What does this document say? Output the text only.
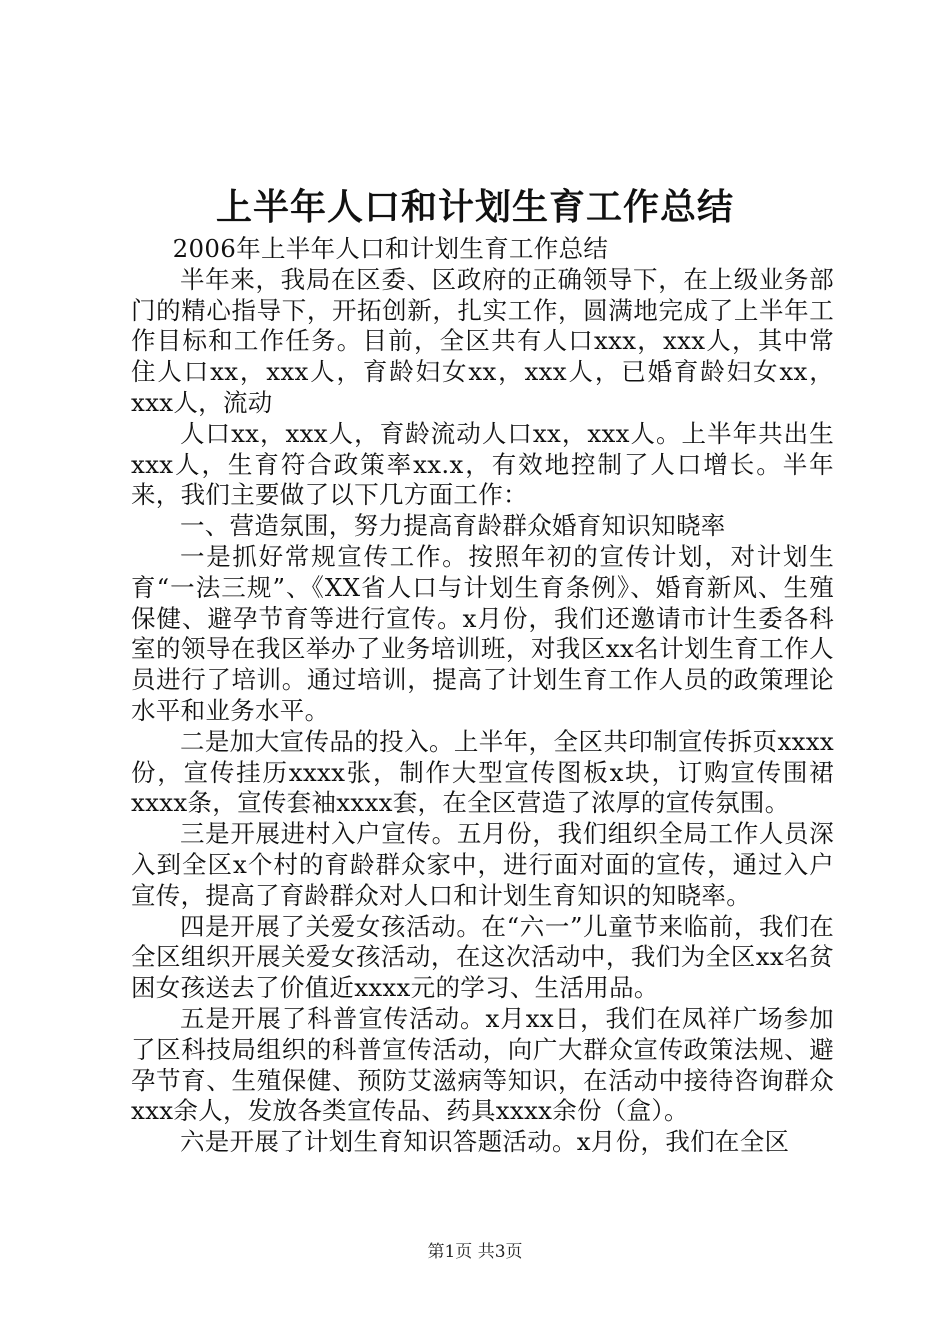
上半年人口和计划生育工作总结

2006年上半年人口和计划生育工作总结

半年来，我局在区委、区政府的正确领导下，在上级业务部门的精心指导下，开拓创新，扎实工作，圆满地完成了上半年工作目标和工作任务。目前，全区共有人口xxx，xxx人，其中常住人口xx，xxx人，育龄妇女xx，xxx人，已婚育龄妇女xx，xxx人，流动

人口xx，xxx人，育龄流动人口xx，xxx人。上半年共出生xxx人，生育符合政策率xx.x，有效地控制了人口增长。半年来，我们主要做了以下几方面工作：

一、营造氛围，努力提高育龄群众婚育知识知晓率

一是抓好常规宣传工作。按照年初的宣传计划，对计划生育“一法三规”、《XX省人口与计划生育条例》、婚育新风、生殖保健、避孕节育等进行宣传。x月份，我们还邀请市计生委各科室的领导在我区举办了业务培训班，对我区xx名计划生育工作人员进行了培训。通过培训，提高了计划生育工作人员的政策理论水平和业务水平。

二是加大宣传品的投入。上半年，全区共印制宣传拆页xxxx份，宣传挂历xxxx张，制作大型宣传图板x块，订购宣传围裙xxxx条，宣传套袖xxxx套，在全区营造了浓厚的宣传氛围。

三是开展进村入户宣传。五月份，我们组织全局工作人员深入到全区x个村的育龄群众家中，进行面对面的宣传，通过入户宣传，提高了育龄群众对人口和计划生育知识的知晓率。

四是开展了关爱女孩活动。在“六一”儿童节来临前，我们在全区组织开展关爱女孩活动，在这次活动中，我们为全区xx名贫困女孩送去了价值近xxxx元的学习、生活用品。

五是开展了科普宣传活动。x月xx日，我们在凤祥广场参加了区科技局组织的科普宣传活动，向广大群众宣传政策法规、避孕节育、生殖保健、预防艾滋病等知识，在活动中接待咨询群众xxx余人，发放各类宣传品、药具xxxx余份（盒）。

六是开展了计划生育知识答题活动。x月份，我们在全区

第1页 共3页
